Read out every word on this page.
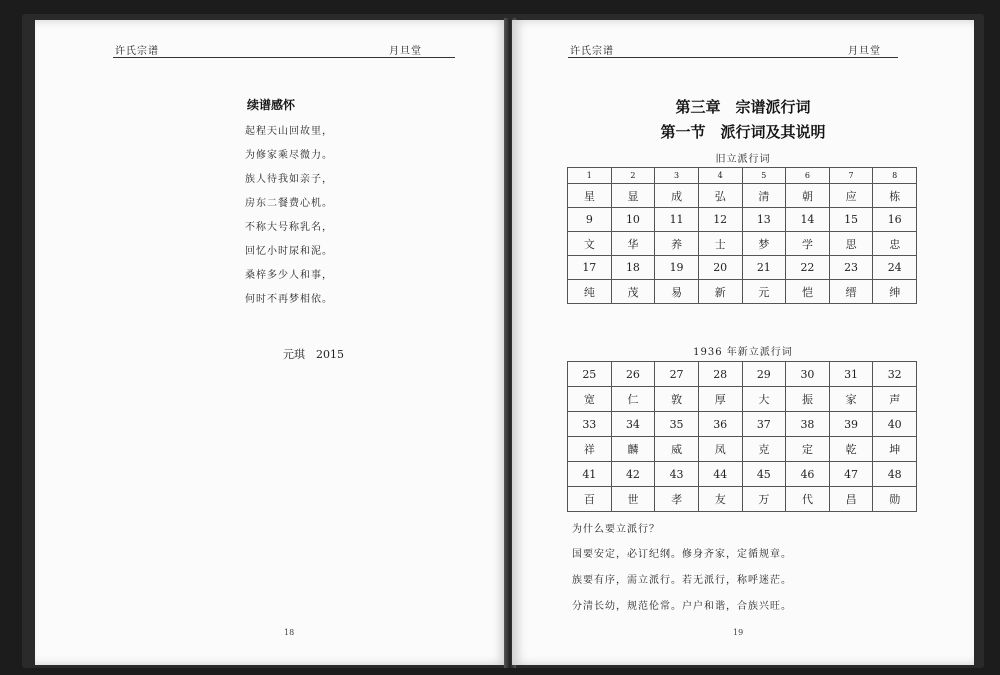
许氏宗谱	月旦堂
续谱感怀
起程天山回故里，
为修家乘尽微力。
族人待我如亲子，
房东二餐费心机。
不称大号称乳名，
回忆小时尿和泥。
桑梓多少人和事，
何时不再梦相依。
元琪　2015
18
许氏宗谱	月旦堂
第三章　宗谱派行词
第一节　派行词及其说明
旧立派行词
1	2	3	4	5	6	7	8
星	显	成	弘	清	朝	应	栋
9	10	11	12	13	14	15	16
文	华	养	士	梦	学	思	忠
17	18	19	20	21	22	23	24
纯	茂	易	新	元	恺	缙	绅
1936 年新立派行词
25	26	27	28	29	30	31	32
宽	仁	敦	厚	大	振	家	声
33	34	35	36	37	38	39	40
祥	麟	威	凤	克	定	乾	坤
41	42	43	44	45	46	47	48
百	世	孝	友	万	代	昌	勋
为什么要立派行？
国要安定，必订纪纲。修身齐家，定循规章。
族要有序，需立派行。若无派行，称呼迷茫。
分清长幼，规范伦常。户户和谐，合族兴旺。
19
